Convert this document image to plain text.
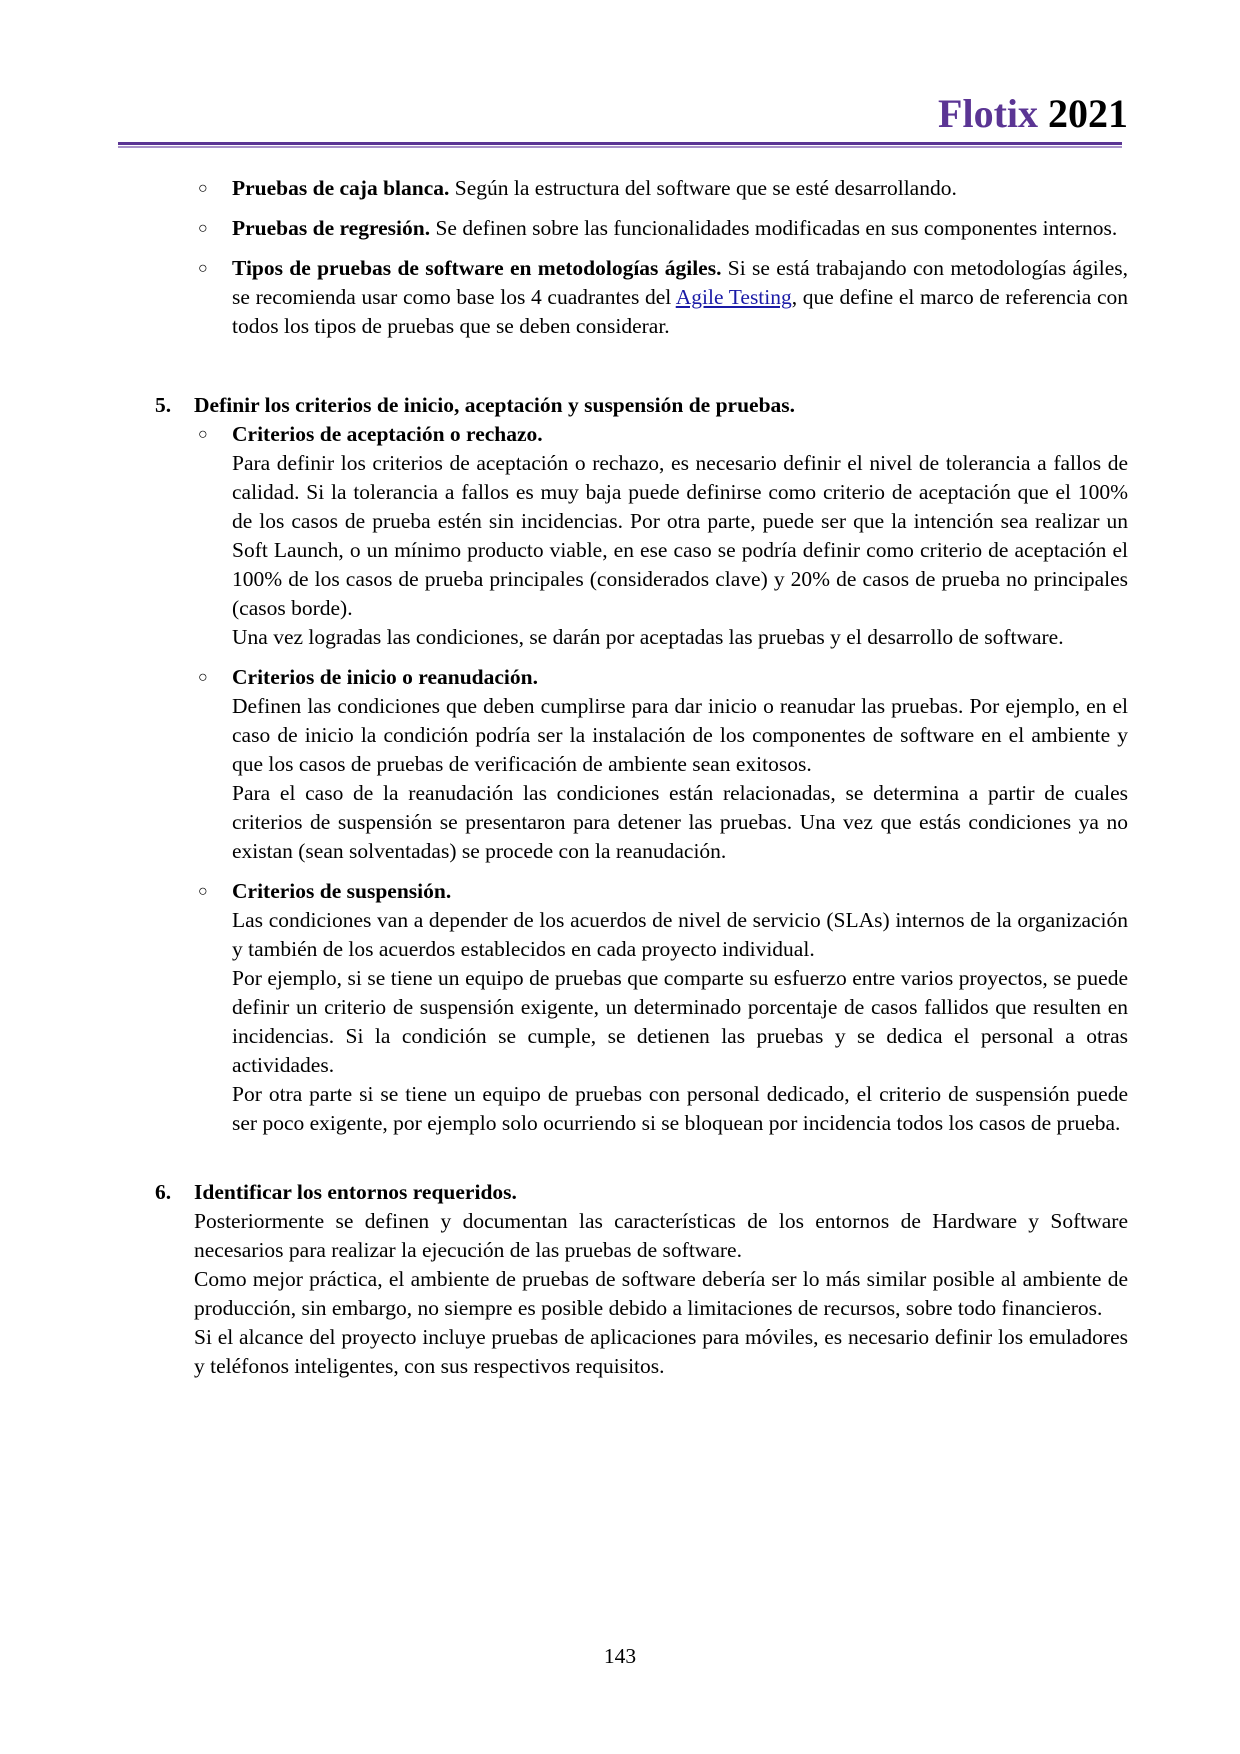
Flotix 2021
○ Pruebas de caja blanca. Según la estructura del software que se esté desarrollando.
○ Pruebas de regresión. Se definen sobre las funcionalidades modificadas en sus componentes internos.
○ Tipos de pruebas de software en metodologías ágiles. Si se está trabajando con metodologías ágiles, se recomienda usar como base los 4 cuadrantes del Agile Testing, que define el marco de referencia con todos los tipos de pruebas que se deben considerar.
5. Definir los criterios de inicio, aceptación y suspensión de pruebas.
○ Criterios de aceptación o rechazo.

Para definir los criterios de aceptación o rechazo, es necesario definir el nivel de tolerancia a fallos de calidad. Si la tolerancia a fallos es muy baja puede definirse como criterio de aceptación que el 100% de los casos de prueba estén sin incidencias. Por otra parte, puede ser que la intención sea realizar un Soft Launch, o un mínimo producto viable, en ese caso se podría definir como criterio de aceptación el 100% de los casos de prueba principales (considerados clave) y 20% de casos de prueba no principales (casos borde).

Una vez logradas las condiciones, se darán por aceptadas las pruebas y el desarrollo de software.

○ Criterios de inicio o reanudación.

Definen las condiciones que deben cumplirse para dar inicio o reanudar las pruebas. Por ejemplo, en el caso de inicio la condición podría ser la instalación de los componentes de software en el ambiente y que los casos de pruebas de verificación de ambiente sean exitosos.

Para el caso de la reanudación las condiciones están relacionadas, se determina a partir de cuales criterios de suspensión se presentaron para detener las pruebas. Una vez que estás condiciones ya no existan (sean solventadas) se procede con la reanudación.

○ Criterios de suspensión.

Las condiciones van a depender de los acuerdos de nivel de servicio (SLAs) internos de la organización y también de los acuerdos establecidos en cada proyecto individual.

Por ejemplo, si se tiene un equipo de pruebas que comparte su esfuerzo entre varios proyectos, se puede definir un criterio de suspensión exigente, un determinado porcentaje de casos fallidos que resulten en incidencias. Si la condición se cumple, se detienen las pruebas y se dedica el personal a otras actividades.

Por otra parte si se tiene un equipo de pruebas con personal dedicado, el criterio de suspensión puede ser poco exigente, por ejemplo solo ocurriendo si se bloquean por incidencia todos los casos de prueba.

6. Identificar los entornos requeridos.

Posteriormente se definen y documentan las características de los entornos de Hardware y Software necesarios para realizar la ejecución de las pruebas de software.

Como mejor práctica, el ambiente de pruebas de software debería ser lo más similar posible al ambiente de producción, sin embargo, no siempre es posible debido a limitaciones de recursos, sobre todo financieros.

Si el alcance del proyecto incluye pruebas de aplicaciones para móviles, es necesario definir los emuladores y teléfonos inteligentes, con sus respectivos requisitos.

143
